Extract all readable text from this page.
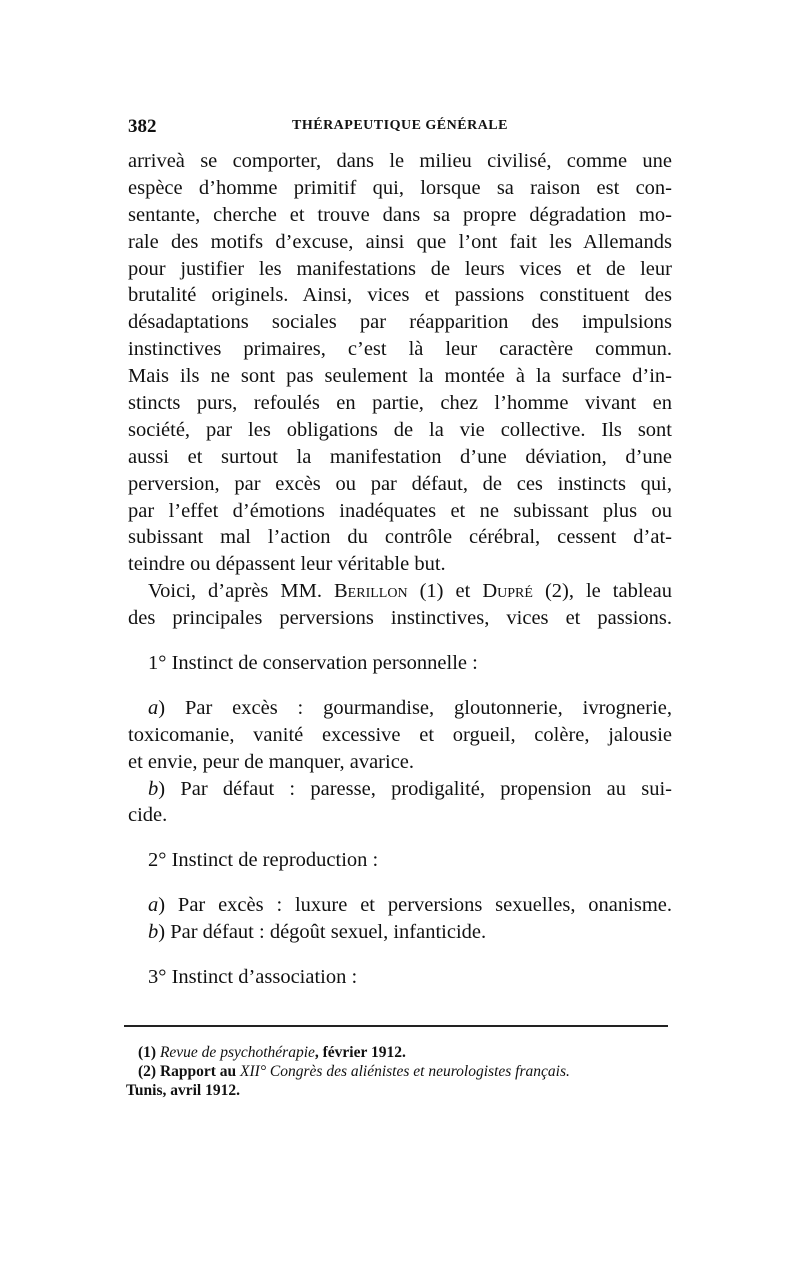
382	THÉRAPEUTIQUE GÉNÉRALE
arriveà se comporter, dans le milieu civilisé, comme une
espèce d’homme primitif qui, lorsque sa raison est con-
sentante, cherche et trouve dans sa propre dégradation mo-
rale des motifs d’excuse, ainsi que l’ont fait les Allemands
pour justifier les manifestations de leurs vices et de leur
brutalité originels. Ainsi, vices et passions constituent des
désadaptations sociales par réapparition des impulsions
instinctives primaires, c’est là leur caractère commun.
Mais ils ne sont pas seulement la montée à la surface d’in-
stincts purs, refoulés en partie, chez l’homme vivant en
société, par les obligations de la vie collective. Ils sont
aussi et surtout la manifestation d’une déviation, d’une
perversion, par excès ou par défaut, de ces instincts qui,
par l’effet d’émotions inadéquates et ne subissant plus ou
subissant mal l’action du contrôle cérébral, cessent d’at-
teindre ou dépassent leur véritable but.
Voici, d’après MM. Berillon (1) et Dupré (2), le tableau
des principales perversions instinctives, vices et passions.
1° Instinct de conservation personnelle :
a) Par excès : gourmandise, gloutonnerie, ivrognerie,
toxicomanie, vanité excessive et orgueil, colère, jalousie
et envie, peur de manquer, avarice.
b) Par défaut : paresse, prodigalité, propension au sui-
cide.
2° Instinct de reproduction :
a) Par excès : luxure et perversions sexuelles, onanisme.
b) Par défaut : dégoût sexuel, infanticide.
3° Instinct d’association :
(1) Revue de psychothérapie, février 1912.
(2) Rapport au XII° Congrès des aliénistes et neurologistes français.
Tunis, avril 1912.
